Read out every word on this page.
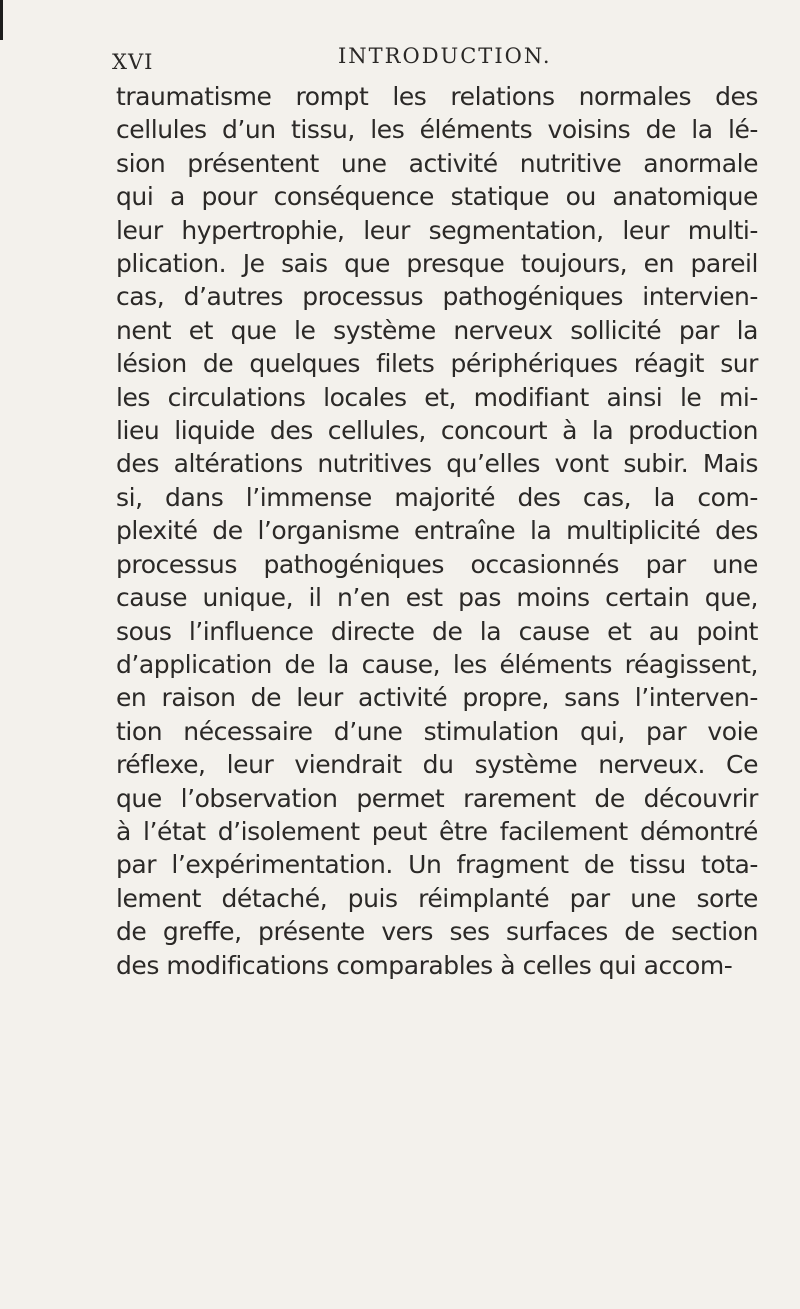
XVI	INTRODUCTION.
traumatisme rompt les relations normales des
cellules d’un tissu, les éléments voisins de la lé-
sion présentent une activité nutritive anormale
qui a pour conséquence statique ou anatomique
leur hypertrophie, leur segmentation, leur multi-
plication. Je sais que presque toujours, en pareil
cas, d’autres processus pathogéniques intervien-
nent et que le système nerveux sollicité par la
lésion de quelques filets périphériques réagit sur
les circulations locales et, modifiant ainsi le mi-
lieu liquide des cellules, concourt à la production
des altérations nutritives qu’elles vont subir. Mais
si, dans l’immense majorité des cas, la com-
plexité de l’organisme entraîne la multiplicité des
processus pathogéniques occasionnés par une
cause unique, il n’en est pas moins certain que,
sous l’influence directe de la cause et au point
d’application de la cause, les éléments réagissent,
en raison de leur activité propre, sans l’interven-
tion nécessaire d’une stimulation qui, par voie
réflexe, leur viendrait du système nerveux. Ce
que l’observation permet rarement de découvrir
à l’état d’isolement peut être facilement démontré
par l’expérimentation. Un fragment de tissu tota-
lement détaché, puis réimplanté par une sorte
de greffe, présente vers ses surfaces de section
des modifications comparables à celles qui accom-
